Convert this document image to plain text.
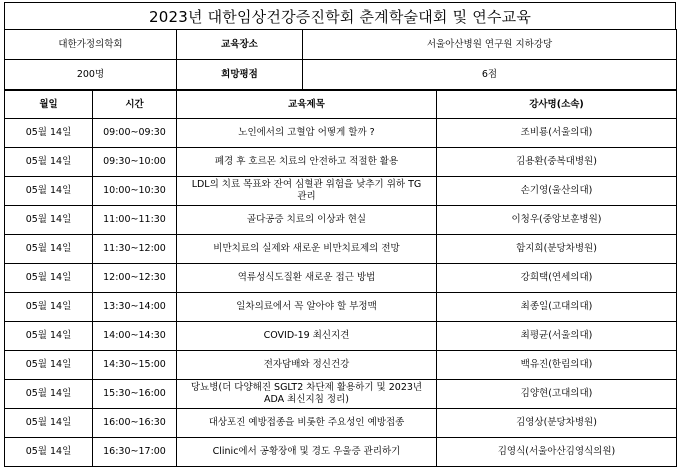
2023년 대한임상건강증진학회 춘계학술대회 및 연수교육
대한가정의학회	교육장소	서울아산병원 연구원 지하강당
200명	희망평점	6점
월일	시간	교육제목	강사명(소속)
05월 14일	09:00~09:30	노인에서의 고혈압 어떻게 할까 ?	조비룡(서울의대)
05월 14일	09:30~10:00	폐경 후 호르몬 치료의 안전하고 적절한 활용	김용환(중복대병원)
05월 14일	10:00~10:30	LDL의 치료 목표와 잔여 심혈관 위험을 낮추기 위하 TG관리	손기영(울산의대)
05월 14일	11:00~11:30	골다공증 치료의 이상과 현실	이청우(중앙보훈병원)
05월 14일	11:30~12:00	비만치료의 실제와 새로운 비만치료제의 전망	함지희(분당차병원)
05월 14일	12:00~12:30	역류성식도질환 새로운 접근 방법	강희택(연세의대)
05월 14일	13:30~14:00	일차의료에서 꼭 알아야 할 부정맥	최종일(고대의대)
05월 14일	14:00~14:30	COVID-19 최신지견	최평균(서울의대)
05월 14일	14:30~15:00	전자담배와 정신건강	백유진(한림의대)
05월 14일	15:30~16:00	당뇨병(더 다양해진 SGLT2 차단제 활용하기 및 2023년 ADA 최신지침 정리)	김양현(고대의대)
05월 14일	16:00~16:30	대상포진 예방접종을 비롯한 주요성인 예방접종	김영상(분당차병원)
05월 14일	16:30~17:00	Clinic에서 공황장애 및 경도 우울증 관리하기	김영식(서울아산김영식의원)
